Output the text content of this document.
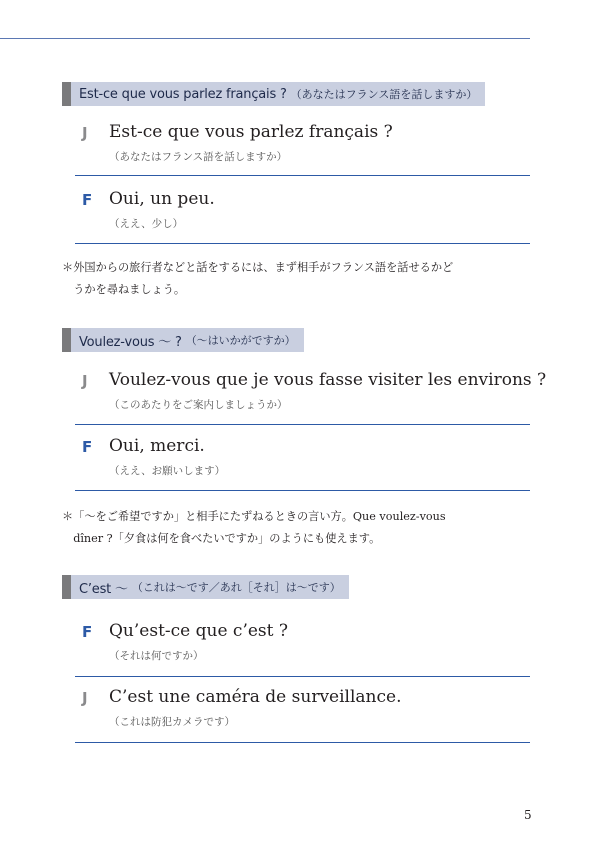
Est-ce que vous parlez français ? （あなたはフランス語を話しますか）
J Est-ce que vous parlez français ?
（あなたはフランス語を話しますか）
F Oui, un peu.
（ええ、少し）
＊外国からの旅行者などと話をするには、まず相手がフランス語を話せるかど
　うかを尋ねましょう。
Voulez-vous 〜 ? （〜はいかがですか）
J Voulez-vous que je vous fasse visiter les environs ?
（このあたりをご案内しましょうか）
F Oui, merci.
（ええ、お願いします）
＊「〜をご希望ですか」と相手にたずねるときの言い方。Que voulez-vous
　dîner ?「夕食は何を食べたいですか」のようにも使えます。
C’est 〜 （これは〜です／あれ［それ］は〜です）
F Qu’est-ce que c’est ?
（それは何ですか）
J C’est une caméra de surveillance.
（これは防犯カメラです）
5
